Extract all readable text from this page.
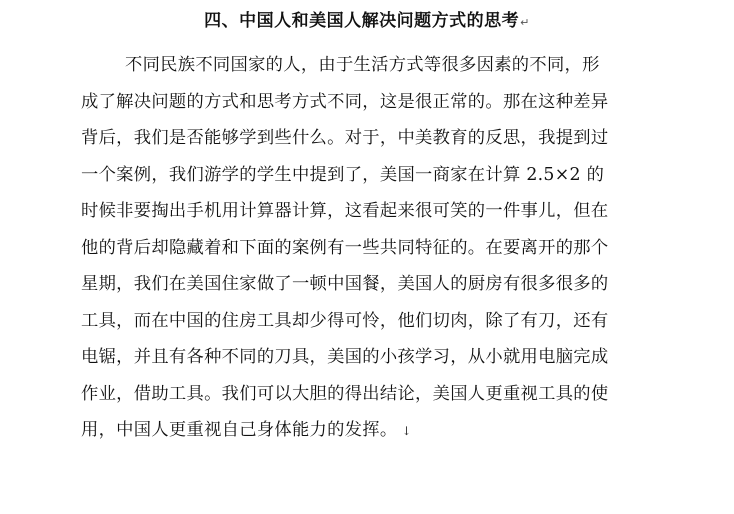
四、中国人和美国人解决问题方式的思考↵
不同民族不同国家的人，由于生活方式等很多因素的不同，形
成了解决问题的方式和思考方式不同，这是很正常的。那在这种差异
背后，我们是否能够学到些什么。对于，中美教育的反思，我提到过
一个案例，我们游学的学生中提到了，美国一商家在计算 2.5×2 的
时候非要掏出手机用计算器计算，这看起来很可笑的一件事儿，但在
他的背后却隐藏着和下面的案例有一些共同特征的。在要离开的那个
星期，我们在美国住家做了一顿中国餐，美国人的厨房有很多很多的
工具，而在中国的住房工具却少得可怜，他们切肉，除了有刀，还有
电锯，并且有各种不同的刀具，美国的小孩学习，从小就用电脑完成
作业，借助工具。我们可以大胆的得出结论，美国人更重视工具的使
用，中国人更重视自己身体能力的发挥。 ↓
